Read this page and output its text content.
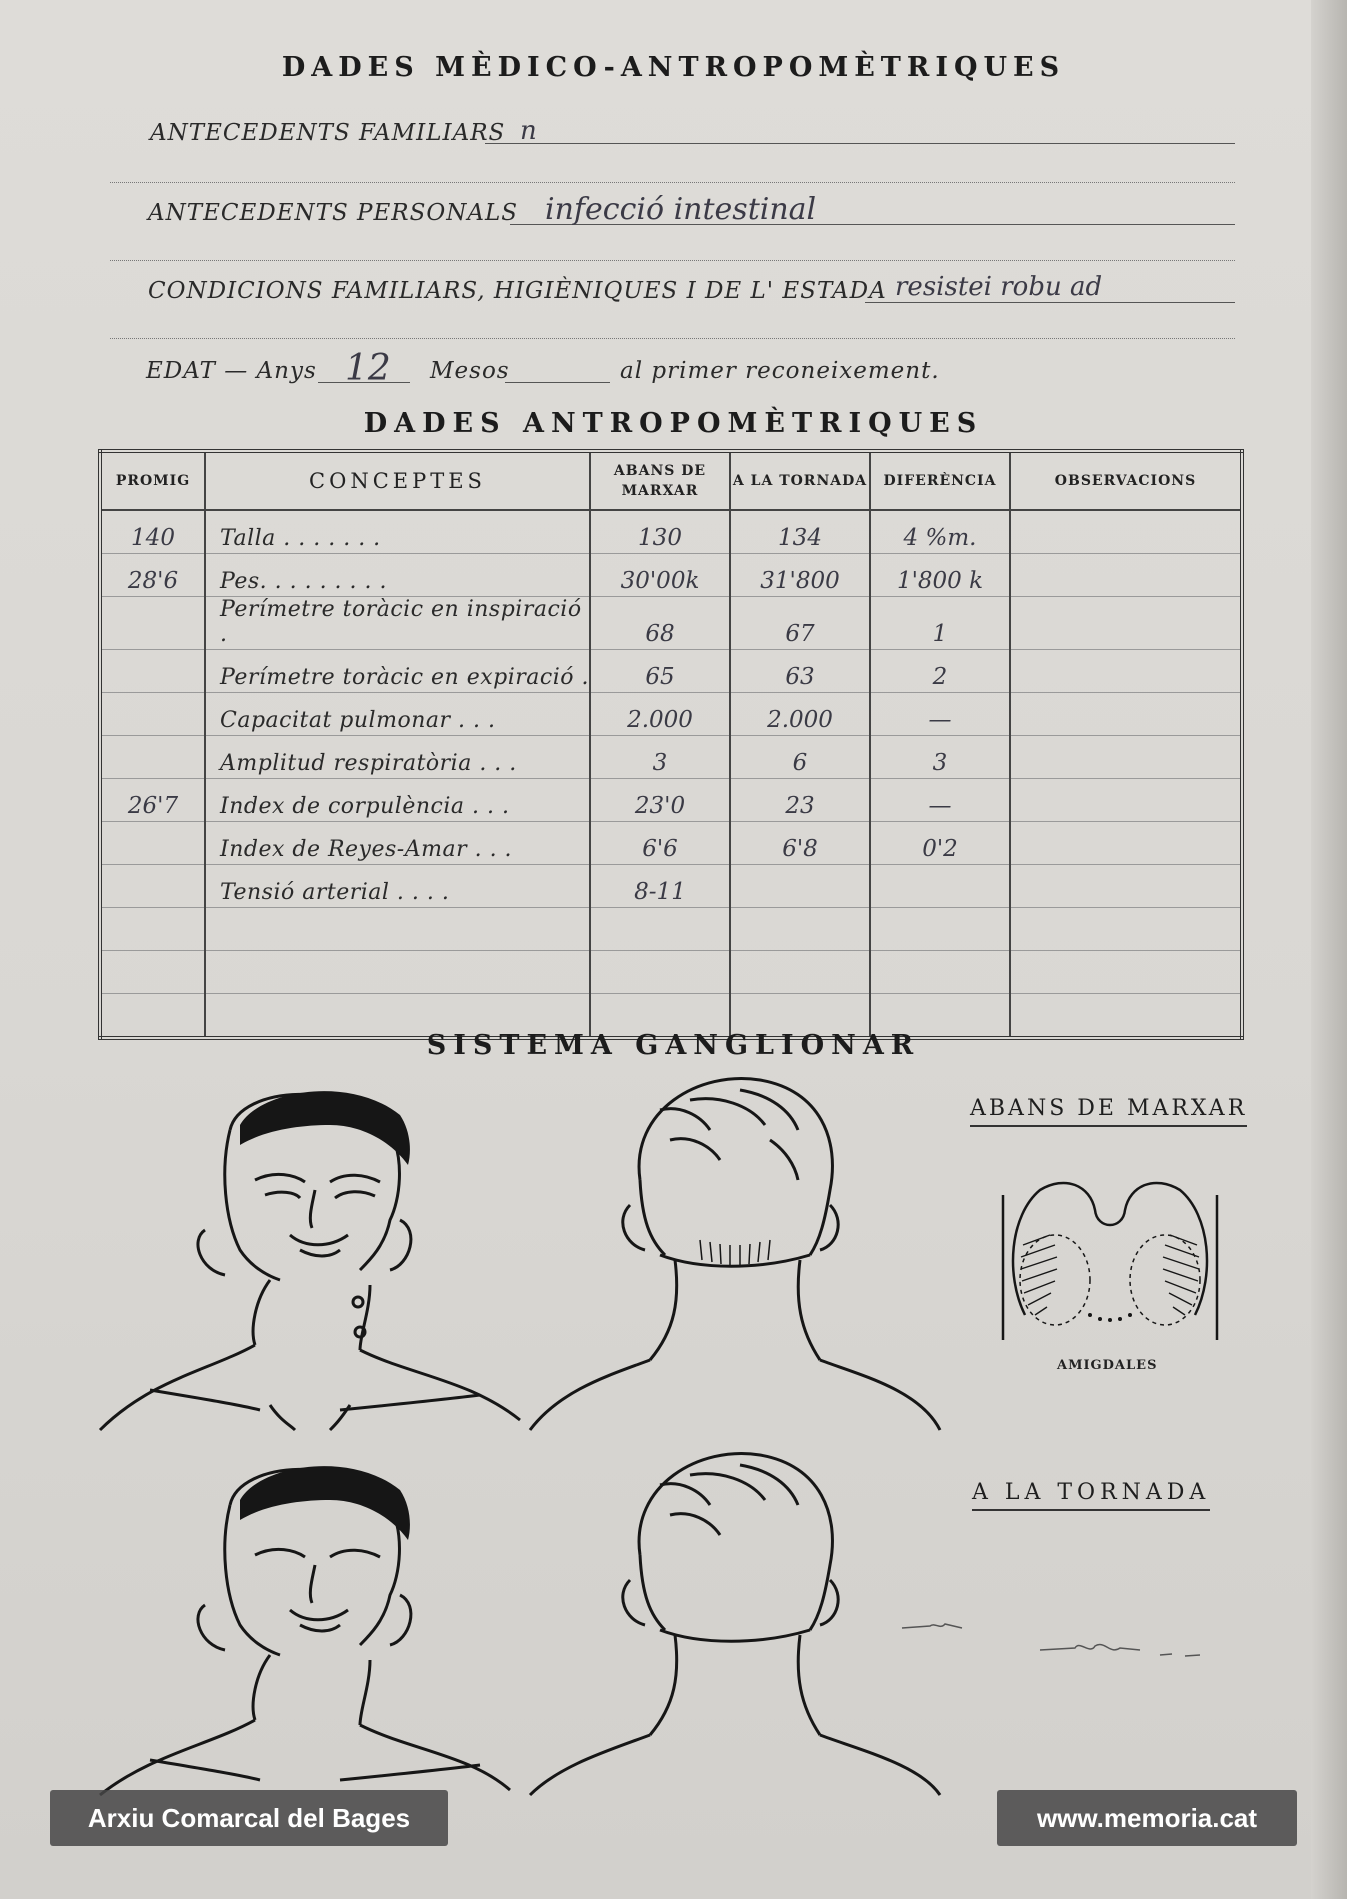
DADES MÈDICO-ANTROPOMÈTRIQUES
ANTECEDENTS FAMILIARS n
ANTECEDENTS PERSONALS infecció intestinal
CONDICIONS FAMILIARS, HIGIÈNIQUES I DE L' ESTADA resistei robu ad
EDAT — Anys 12 Mesos	al primer reconeixement.
DADES ANTROPOMÈTRIQUES
PROMIG	CONCEPTES	ABANS DE MARXAR	A LA TORNADA	DIFERÈNCIA	OBSERVACIONS
140	Talla . . . . . . .	130	134	4 %m.	
28'6	Pes. . . . . . . . .	30'00k	31'800	1'800 k	
	Perímetre toràcic en inspiració .	68	67	1	
	Perímetre toràcic en expiració .	65	63	2	
	Capacitat pulmonar . . .	2.000	2.000	—	
	Amplitud respiratòria . . .	3	6	3	
26'7	Index de corpulència . . .	23'0	23	—	
	Index de Reyes-Amar . . .	6'6	6'8	0'2	
	Tensió arterial . . . .	8-11			

SISTEMA GANGLIONAR
ABANS DE MARXAR
A LA TORNADA
AMIGDALES
Arxiu Comarcal del Bages	www.memoria.cat
